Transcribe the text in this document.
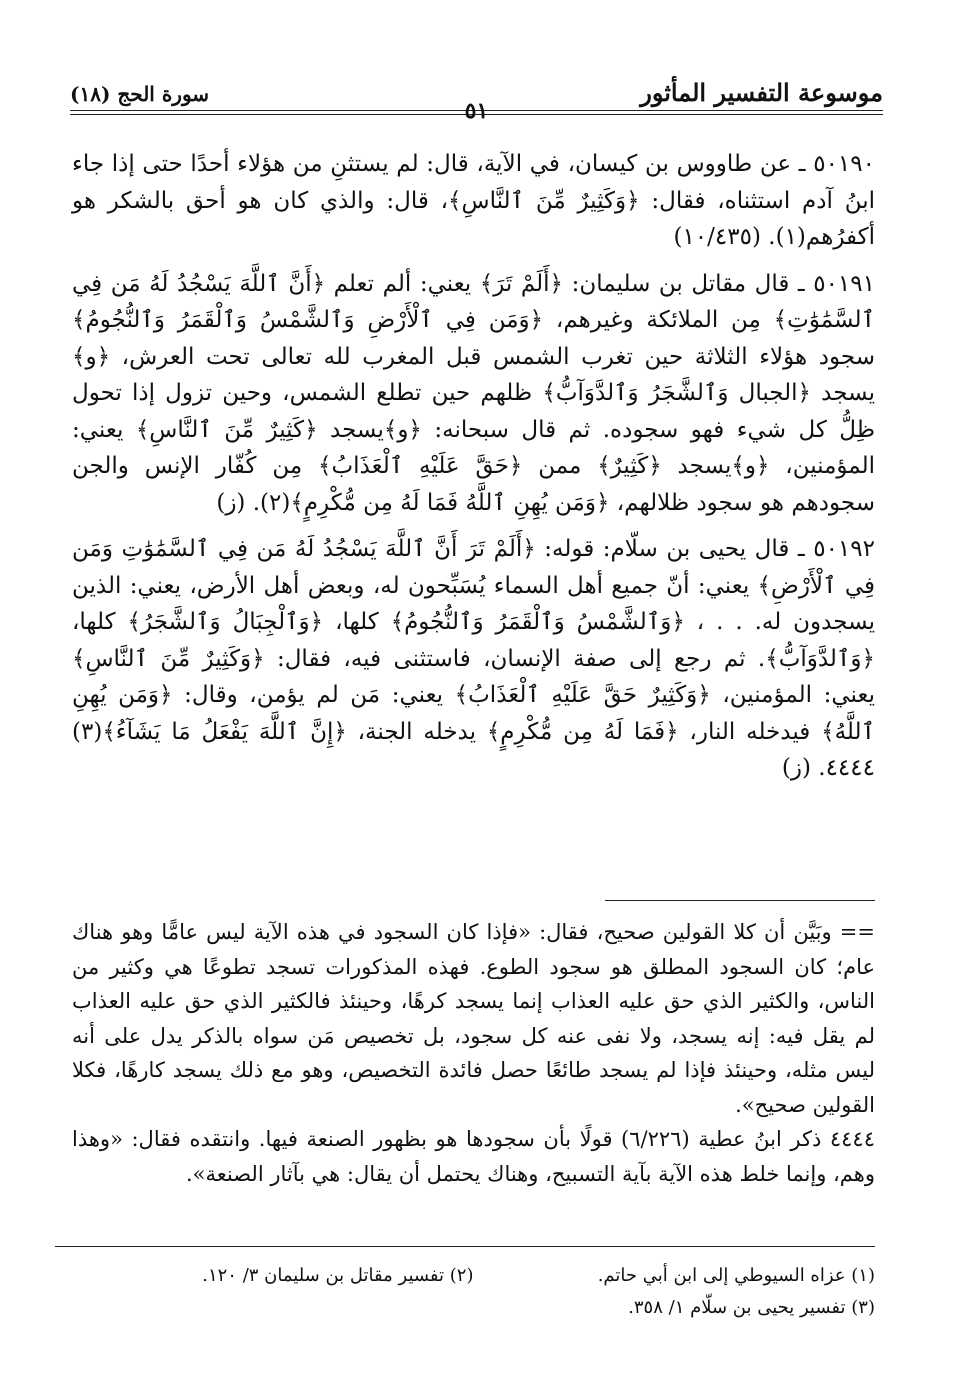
موسوعة التفسير المأثور
سورة الحج (١٨)
٥١

٥٠١٩٠ ـ عن طاووس بن كيسان، في الآية، قال: لم يستثنِ من هؤلاء أحدًا حتى إذا جاء ابنُ آدم استثناه، فقال: ﴿وَكَثِيرٌ مِّنَ ٱلنَّاسِ﴾، قال: والذي كان هو أحق بالشكر هو أكفرُهم(١). (١٠/٤٣٥)

٥٠١٩١ ـ قال مقاتل بن سليمان: ﴿أَلَمْ تَرَ﴾ يعني: ألم تعلم ﴿أَنَّ ٱللَّهَ يَسْجُدُ لَهُ مَن فِي ٱلسَّمَٰوَٰتِ﴾ مِن الملائكة وغيرهم، ﴿وَمَن فِي ٱلْأَرْضِ وَٱلشَّمْسُ وَٱلْقَمَرُ وَٱلنُّجُومُ﴾ سجود هؤلاء الثلاثة حين تغرب الشمس قبل المغرب لله تعالى تحت العرش، ﴿و﴾يسجد ﴿الجبال وَٱلشَّجَرُ وَٱلدَّوَآبُّ﴾ ظلهم حين تطلع الشمس، وحين تزول إذا تحول ظِلُّ كل شيء فهو سجوده. ثم قال سبحانه: ﴿و﴾يسجد ﴿كَثِيرٌ مِّنَ ٱلنَّاسِ﴾ يعني: المؤمنين، ﴿و﴾يسجد ﴿كَثِيرٌ﴾ ممن ﴿حَقَّ عَلَيْهِ ٱلْعَذَابُ﴾ مِن كُفّار الإنس والجن سجودهم هو سجود ظلالهم، ﴿وَمَن يُهِنِ ٱللَّهُ فَمَا لَهُ مِن مُّكْرِمٍ﴾(٢). (ز)

٥٠١٩٢ ـ قال يحيى بن سلّام: قوله: ﴿أَلَمْ تَرَ أَنَّ ٱللَّهَ يَسْجُدُ لَهُ مَن فِي ٱلسَّمَٰوَٰتِ وَمَن فِي ٱلْأَرْضِ﴾ يعني: أنّ جميع أهل السماء يُسَبِّحون له، وبعض أهل الأرض، يعني: الذين يسجدون له. . . ، ﴿وَٱلشَّمْسُ وَٱلْقَمَرُ وَٱلنُّجُومُ﴾ كلها، ﴿وَٱلْجِبَالُ وَٱلشَّجَرُ﴾ كلها، ﴿وَٱلدَّوَآبُّ﴾. ثم رجع إلى صفة الإنسان، فاستثنى فيه، فقال: ﴿وَكَثِيرٌ مِّنَ ٱلنَّاسِ﴾ يعني: المؤمنين، ﴿وَكَثِيرٌ حَقَّ عَلَيْهِ ٱلْعَذَابُ﴾ يعني: مَن لم يؤمن، وقال: ﴿وَمَن يُهِنِ ٱللَّهُ﴾ فيدخله النار، ﴿فَمَا لَهُ مِن مُّكْرِمٍ﴾ يدخله الجنة، ﴿إِنَّ ٱللَّهَ يَفْعَلُ مَا يَشَآءُ﴾(٣) ٤٤٤٤. (ز)

== وبَيَّن أن كلا القولين صحيح، فقال: «فإذا كان السجود في هذه الآية ليس عامًّا وهو هناك عام؛ كان السجود المطلق هو سجود الطوع. فهذه المذكورات تسجد تطوعًا هي وكثير من الناس، والكثير الذي حق عليه العذاب إنما يسجد كرهًا، وحينئذ فالكثير الذي حق عليه العذاب لم يقل فيه: إنه يسجد، ولا نفى عنه كل سجود، بل تخصيص مَن سواه بالذكر يدل على أنه ليس مثله، وحينئذ فإذا لم يسجد طائعًا حصل فائدة التخصيص، وهو مع ذلك يسجد كارهًا، فكلا القولين صحيح».

٤٤٤٤ ذكر ابنُ عطية (٦/٢٢٦) قولًا بأن سجودها هو بظهور الصنعة فيها. وانتقده فقال: «وهذا وهم، وإنما خلط هذه الآية بآية التسبيح، وهناك يحتمل أن يقال: هي بآثار الصنعة».

(١) عزاه السيوطي إلى ابن أبي حاتم.
(٢) تفسير مقاتل بن سليمان ٣/ ١٢٠.
(٣) تفسير يحيى بن سلّام ١/ ٣٥٨.
